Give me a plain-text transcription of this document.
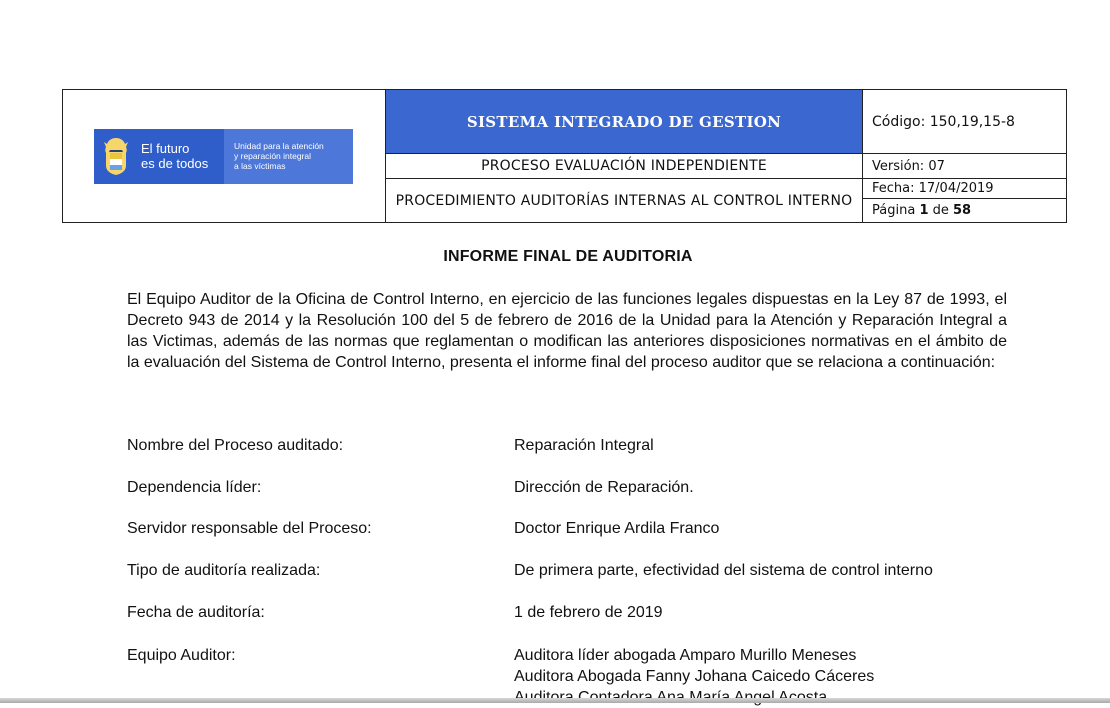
El futuro
es de todos
Unidad para la atención
y reparación integral
a las víctimas	SISTEMA INTEGRADO DE GESTION	Código: 150,19,15-8
	PROCESO EVALUACIÓN INDEPENDIENTE	Versión: 07
	PROCEDIMIENTO AUDITORÍAS INTERNAS AL CONTROL INTERNO	Fecha: 17/04/2019
		Página 1 de 58
INFORME FINAL DE AUDITORIA
El Equipo Auditor de la Oficina de Control Interno, en ejercicio de las funciones legales dispuestas en la Ley 87 de 1993, el Decreto 943 de 2014 y la Resolución 100 del 5 de febrero de 2016 de la Unidad para la Atención y Reparación Integral a las Victimas, además de las normas que reglamentan o modifican las anteriores disposiciones normativas en el ámbito de la evaluación del Sistema de Control Interno, presenta el informe final del proceso auditor que se relaciona a continuación:
Nombre del Proceso auditado:	Reparación Integral
Dependencia líder:	Dirección de Reparación.
Servidor responsable del Proceso:	Doctor Enrique Ardila Franco
Tipo de auditoría realizada:	De primera parte, efectividad del sistema de control interno
Fecha de auditoría:	1 de febrero de 2019
Equipo Auditor:	Auditora líder abogada Amparo Murillo Meneses
Auditora Abogada Fanny Johana Caicedo Cáceres
